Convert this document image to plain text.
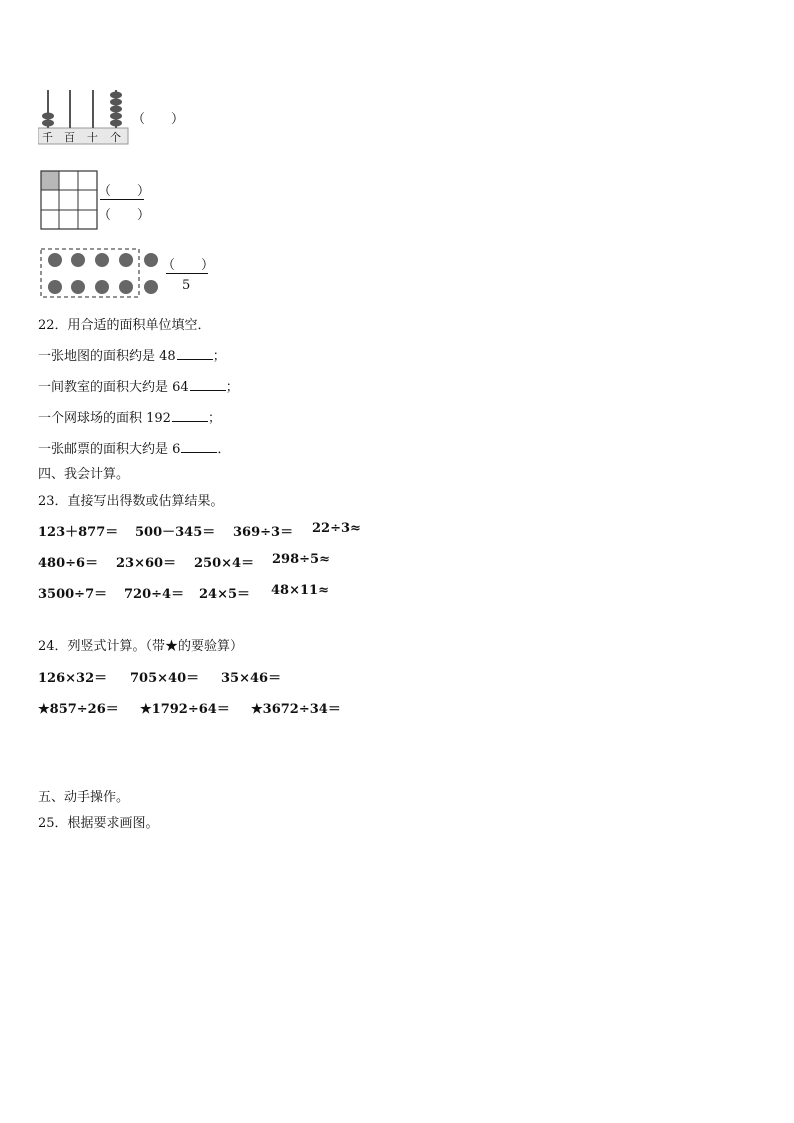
千 百 十 个
（　　）
（　　）
（　　）
（　　）
5
22．用合适的面积单位填空．
一张地图的面积约是 48	；
一间教室的面积大约是 64	；
一个网球场的面积 192	；
一张邮票的面积大约是 6	．
四、我会计算。
23．直接写出得数或估算结果。
123＋877＝ 500－345＝ 369÷3＝ 22÷3≈
480÷6＝ 23×60＝ 250×4＝ 298÷5≈
3500÷7＝ 720÷4＝ 24×5＝ 48×11≈
24．列竖式计算。（带★的要验算）
126×32＝ 705×40＝ 35×46＝
★857÷26＝ ★1792÷64＝ ★3672÷34＝
五、动手操作。
25．根据要求画图。
